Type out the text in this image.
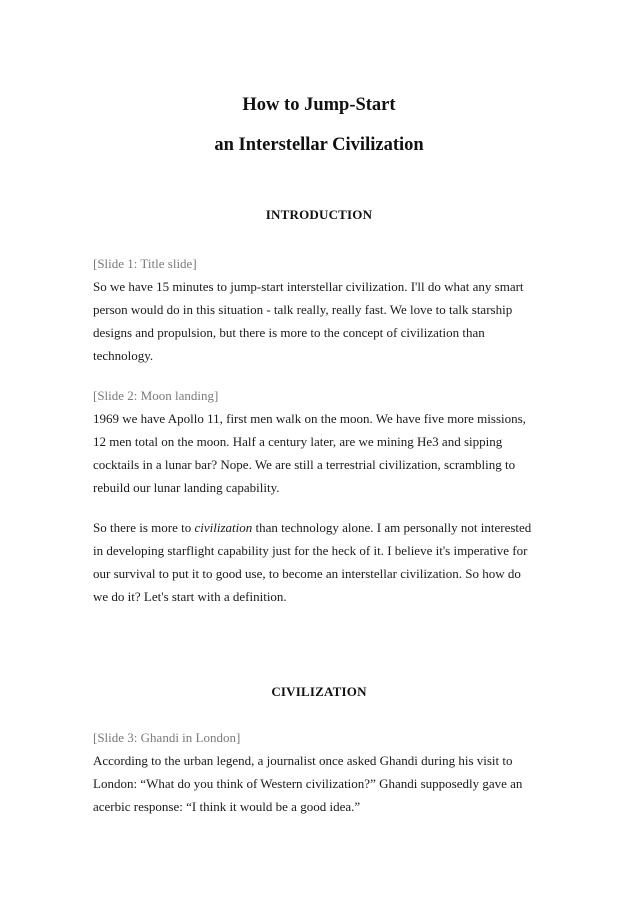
How to Jump-Start
an Interstellar Civilization
INTRODUCTION
[Slide 1: Title slide]
So we have 15 minutes to jump-start interstellar civilization. I'll do what any smart
person would do in this situation - talk really, really fast. We love to talk starship
designs and propulsion, but there is more to the concept of civilization than
technology.
[Slide 2: Moon landing]
1969 we have Apollo 11, first men walk on the moon. We have five more missions,
12 men total on the moon. Half a century later, are we mining He3 and sipping
cocktails in a lunar bar? Nope. We are still a terrestrial civilization, scrambling to
rebuild our lunar landing capability.
So there is more to civilization than technology alone. I am personally not interested
in developing starflight capability just for the heck of it. I believe it's imperative for
our survival to put it to good use, to become an interstellar civilization. So how do
we do it? Let's start with a definition.
CIVILIZATION
[Slide 3: Ghandi in London]
According to the urban legend, a journalist once asked Ghandi during his visit to
London: “What do you think of Western civilization?” Ghandi supposedly gave an
acerbic response: “I think it would be a good idea.”
